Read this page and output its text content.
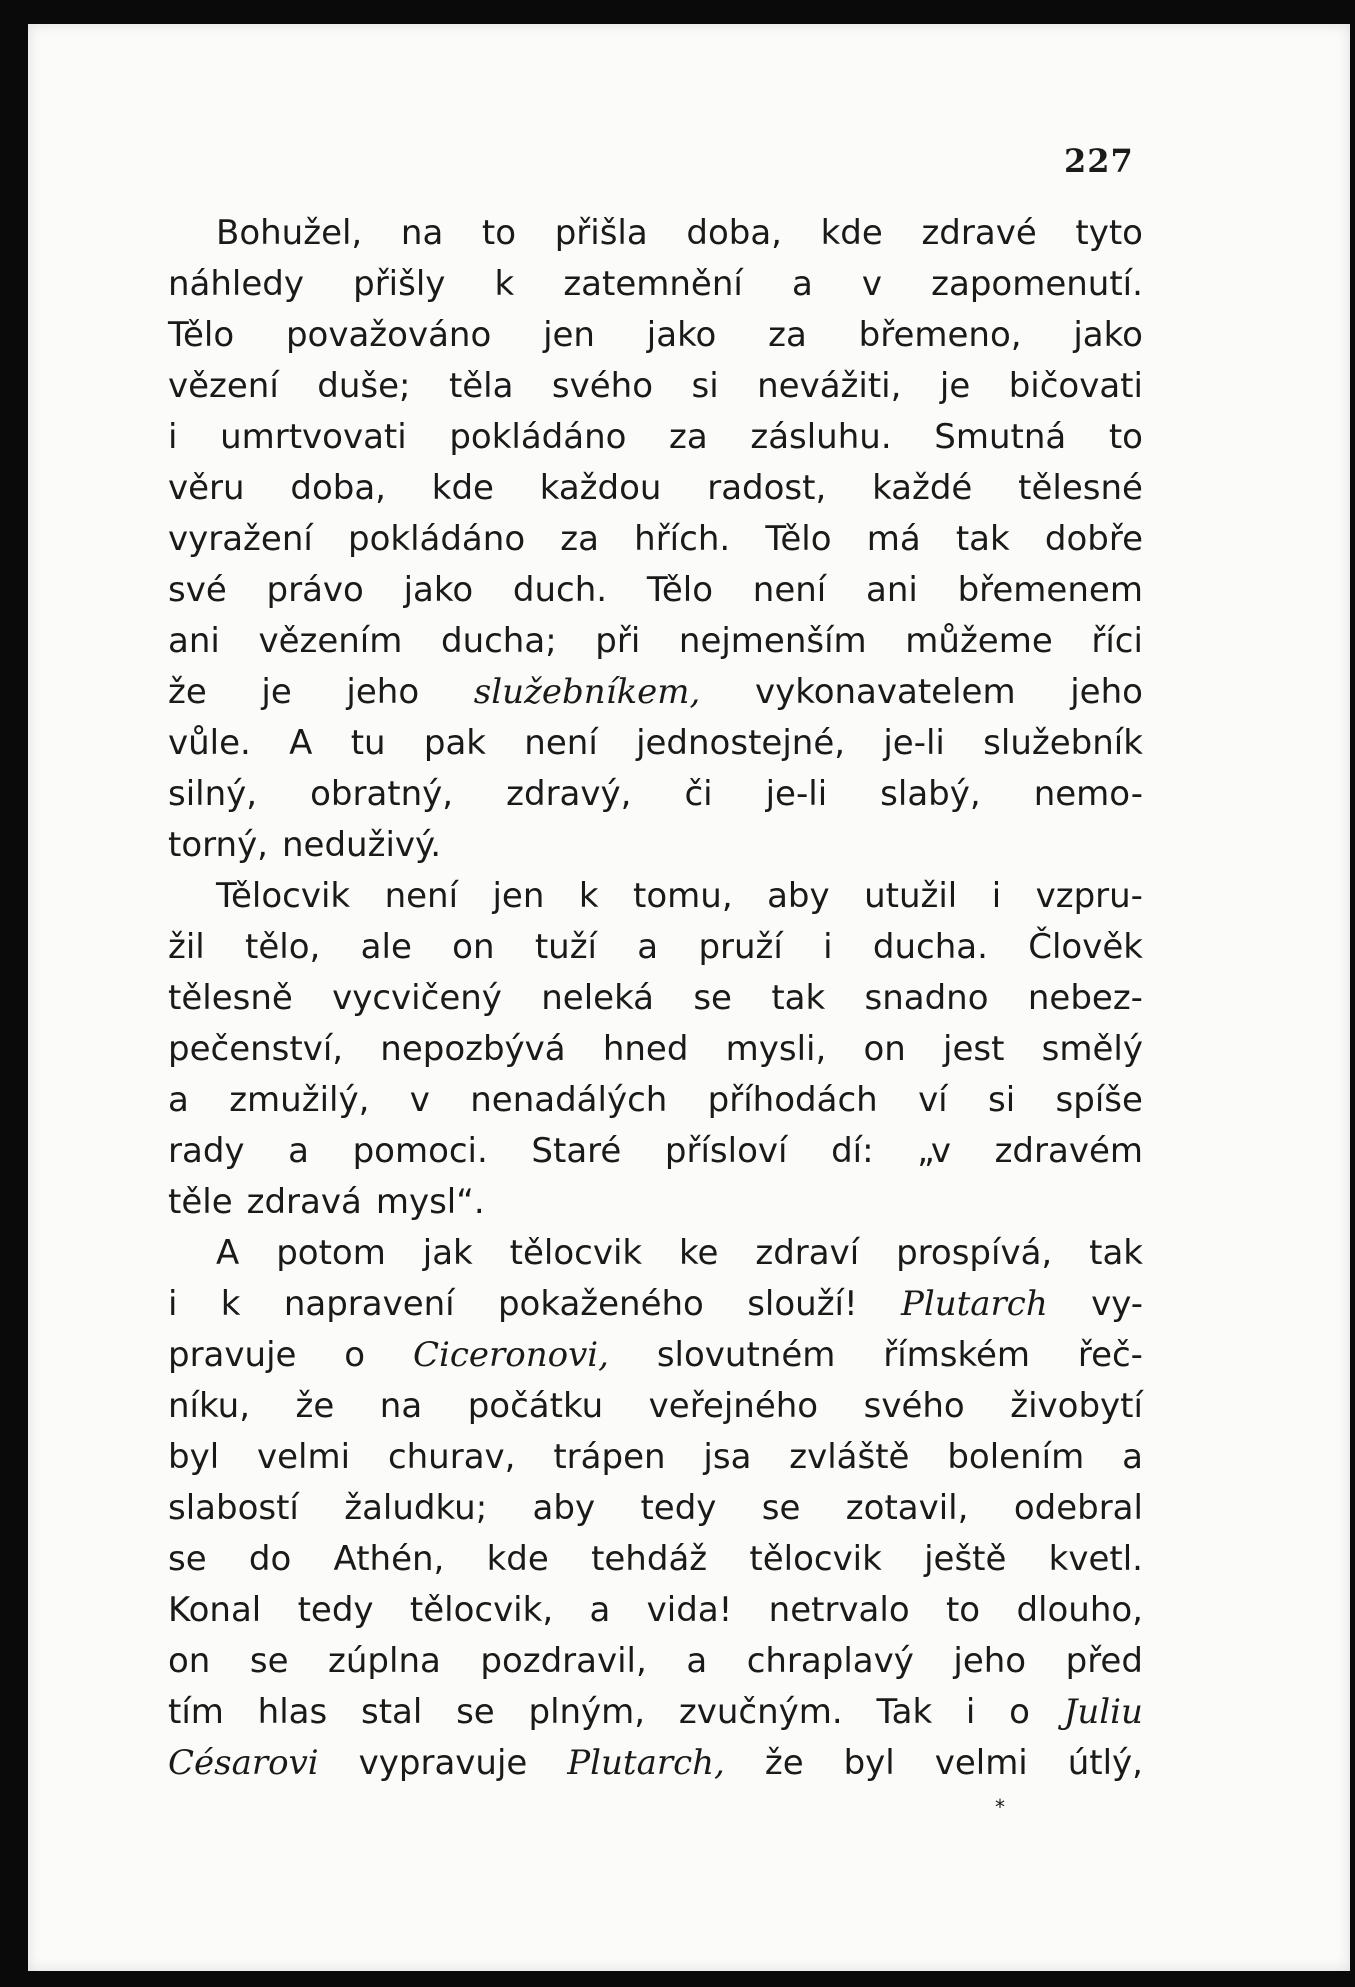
227
Bohužel, na to přišla doba, kde zdravé tyto
náhledy přišly k zatemnění a v zapomenutí.
Tělo považováno jen jako za břemeno, jako
vězení duše; těla svého si nevážiti, je bičovati
i umrtvovati pokládáno za zásluhu. Smutná to
věru doba, kde každou radost, každé tělesné
vyražení pokládáno za hřích. Tělo má tak dobře
své právo jako duch. Tělo není ani břemenem
ani vězením ducha; při nejmenším můžeme říci
že je jeho služebníkem, vykonavatelem jeho
vůle. A tu pak není jednostejné, je-li služebník
silný, obratný, zdravý, či je-li slabý, nemo-
torný, neduživý.
Tělocvik není jen k tomu, aby utužil i vzpru-
žil tělo, ale on tuží a pruží i ducha. Člověk
tělesně vycvičený neleká se tak snadno nebez-
pečenství, nepozbývá hned mysli, on jest smělý
a zmužilý, v nenadálých příhodách ví si spíše
rady a pomoci. Staré přísloví dí: „v zdravém
těle zdravá mysl“.
A potom jak tělocvik ke zdraví prospívá, tak
i k napravení pokaženého slouží! Plutarch vy-
pravuje o Ciceronovi, slovutném římském řeč-
níku, že na počátku veřejného svého živobytí
byl velmi churav, trápen jsa zvláště bolením a
slabostí žaludku; aby tedy se zotavil, odebral
se do Athén, kde tehdáž tělocvik ještě kvetl.
Konal tedy tělocvik, a vida! netrvalo to dlouho,
on se zúplna pozdravil, a chraplavý jeho před
tím hlas stal se plným, zvučným. Tak i o Juliu
Césarovi vypravuje Plutarch, že byl velmi útlý,
*
